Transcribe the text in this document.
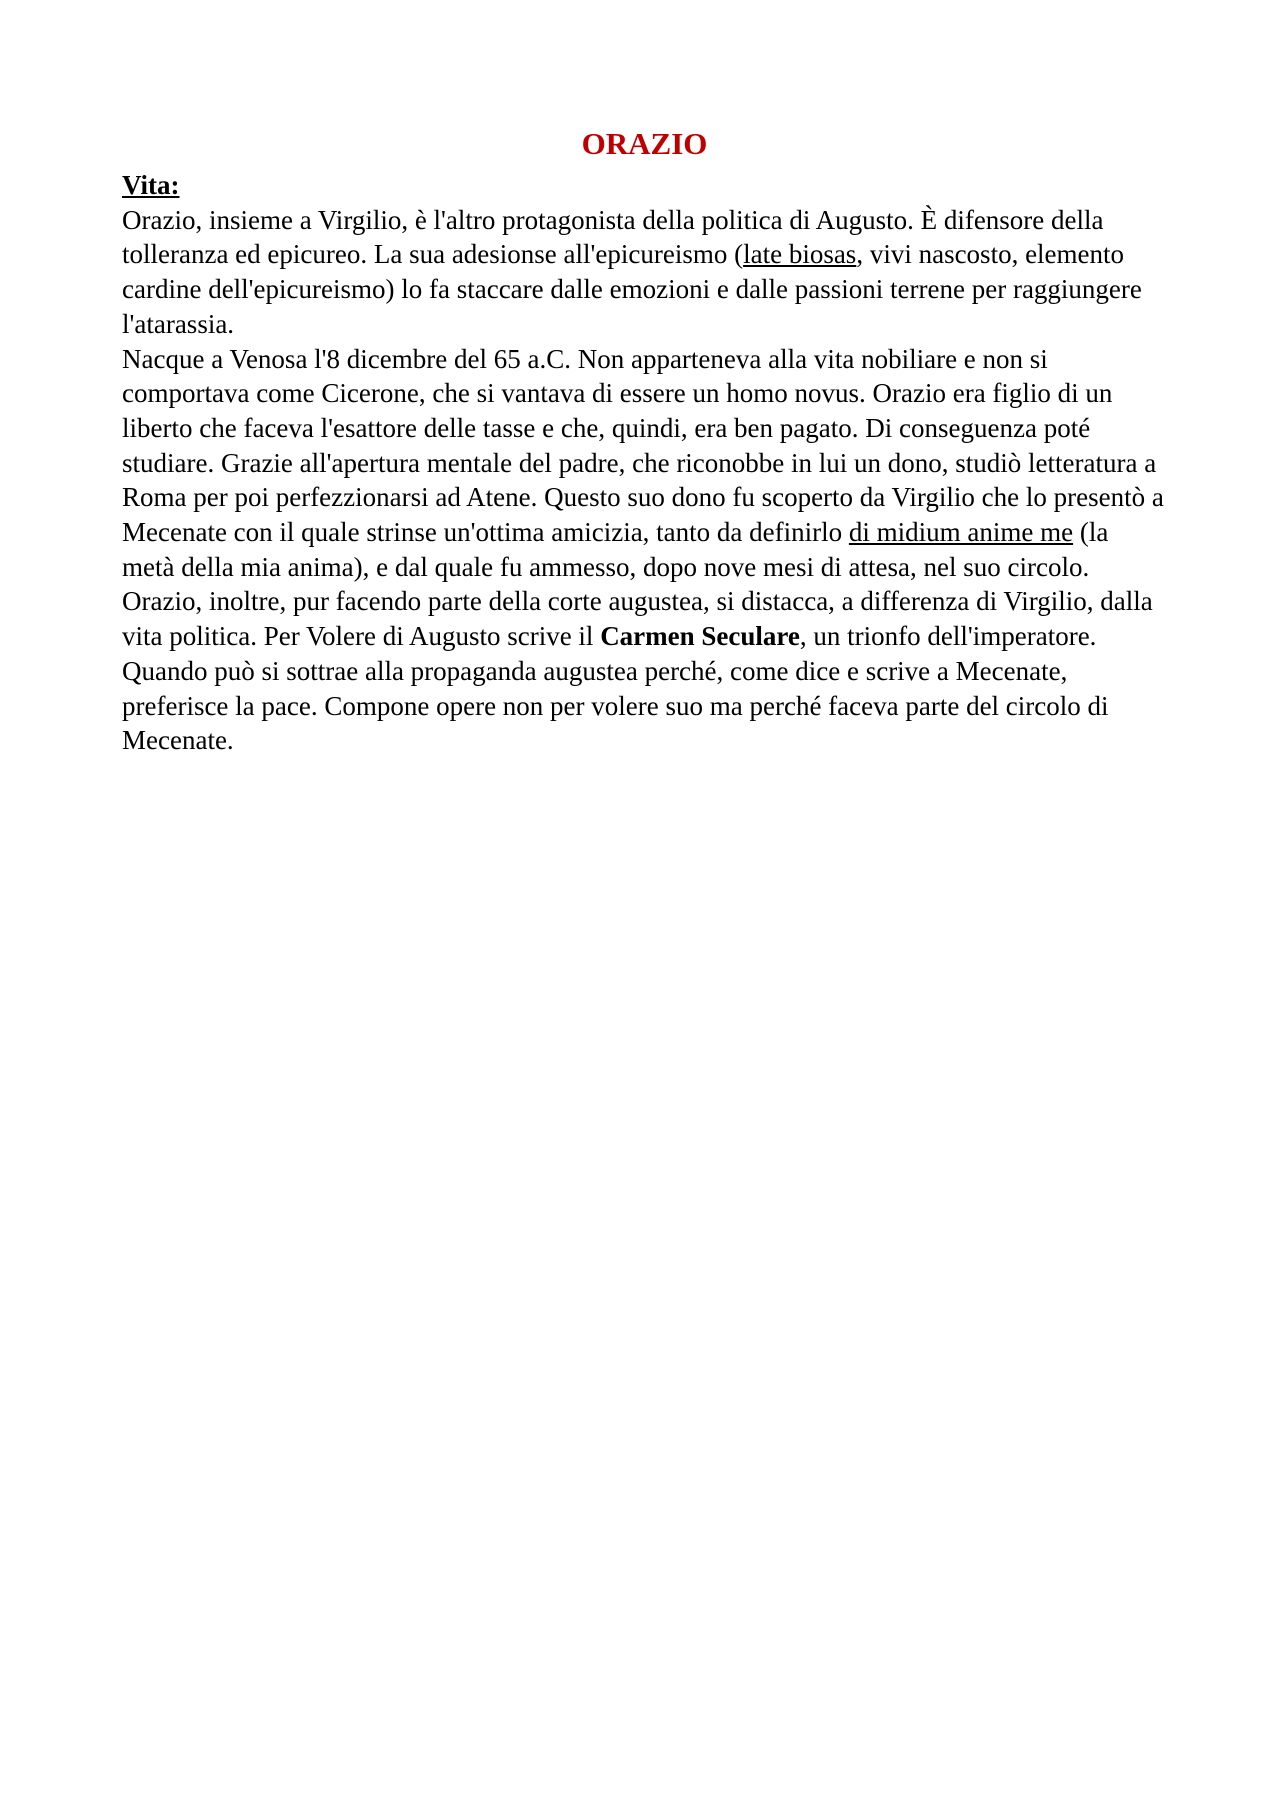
ORAZIO
Vita:

Orazio, insieme a Virgilio, è l'altro protagonista della politica di Augusto. È difensore della tolleranza ed epicureo. La sua adesionse all'epicureismo (late biosas, vivi nascosto, elemento cardine dell'epicureismo) lo fa staccare dalle emozioni e dalle passioni terrene per raggiungere l'atarassia.

Nacque a Venosa l'8 dicembre del 65 a.C. Non apparteneva alla vita nobiliare e non si comportava come Cicerone, che si vantava di essere un homo novus. Orazio era figlio di un liberto che faceva l'esattore delle tasse e che, quindi, era ben pagato. Di conseguenza poté studiare. Grazie all'apertura mentale del padre, che riconobbe in lui un dono, studiò letteratura a Roma per poi perfezzionarsi ad Atene. Questo suo dono fu scoperto da Virgilio che lo presentò a Mecenate con il quale strinse un'ottima amicizia, tanto da definirlo di midium anime me (la metà della mia anima), e dal quale fu ammesso, dopo nove mesi di attesa, nel suo circolo. Orazio, inoltre, pur facendo parte della corte augustea, si distacca, a differenza di Virgilio, dalla vita politica. Per Volere di Augusto scrive il Carmen Seculare, un trionfo dell'imperatore. Quando può si sottrae alla propaganda augustea perché, come dice e scrive a Mecenate, preferisce la pace. Compone opere non per volere suo ma perché faceva parte del circolo di Mecenate.
